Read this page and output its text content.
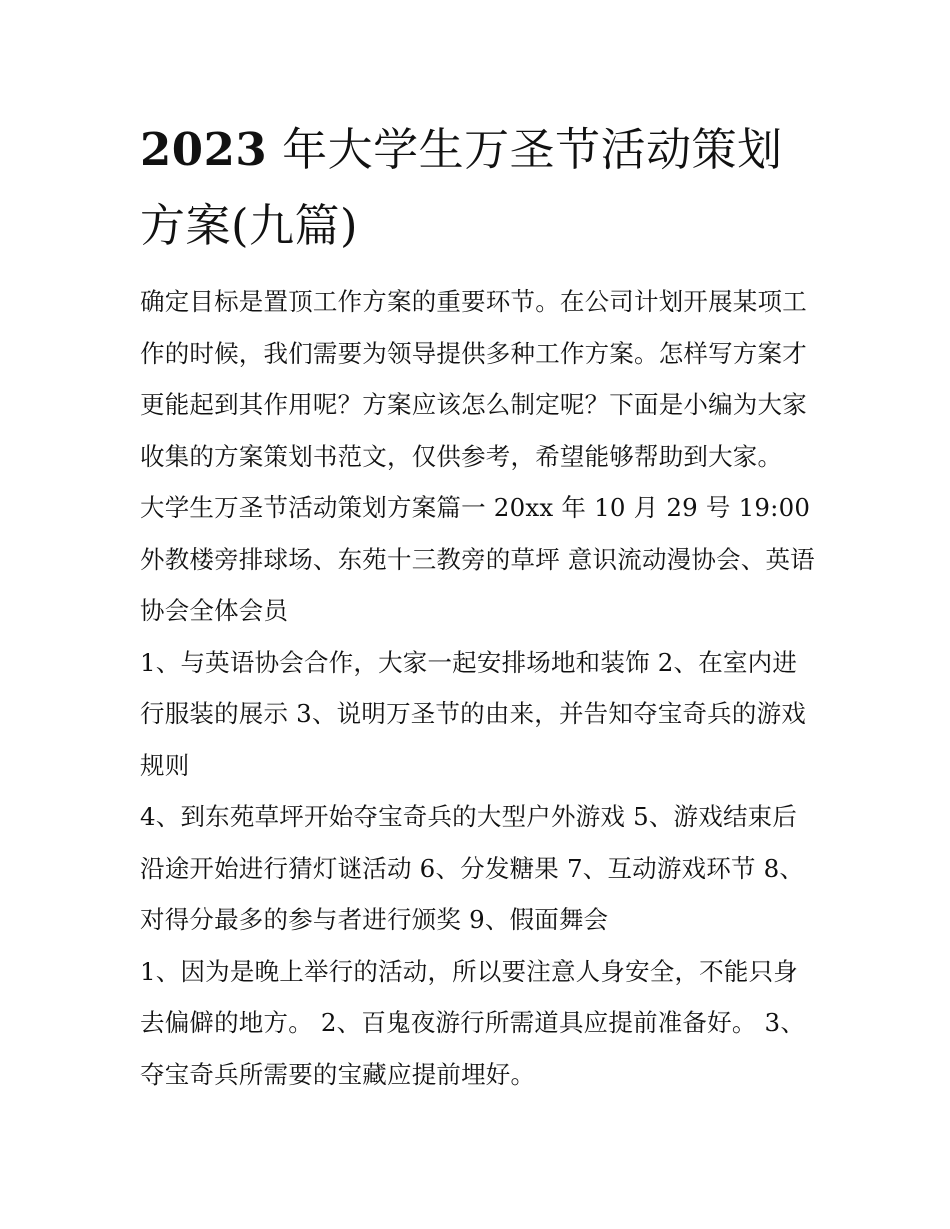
2023 年大学生万圣节活动策划方案(九篇)

确定目标是置顶工作方案的重要环节。在公司计划开展某项工作的时候，我们需要为领导提供多种工作方案。怎样写方案才更能起到其作用呢？方案应该怎么制定呢？下面是小编为大家收集的方案策划书范文，仅供参考，希望能够帮助到大家。

大学生万圣节活动策划方案篇一 20xx 年 10 月 29 号 19:00 外教楼旁排球场、东苑十三教旁的草坪 意识流动漫协会、英语协会全体会员

1、与英语协会合作，大家一起安排场地和装饰 2、在室内进行服装的展示 3、说明万圣节的由来，并告知夺宝奇兵的游戏规则

4、到东苑草坪开始夺宝奇兵的大型户外游戏 5、游戏结束后沿途开始进行猜灯谜活动 6、分发糖果 7、互动游戏环节 8、对得分最多的参与者进行颁奖 9、假面舞会

1、因为是晚上举行的活动，所以要注意人身安全，不能只身去偏僻的地方。 2、百鬼夜游行所需道具应提前准备好。 3、夺宝奇兵所需要的宝藏应提前埋好。
